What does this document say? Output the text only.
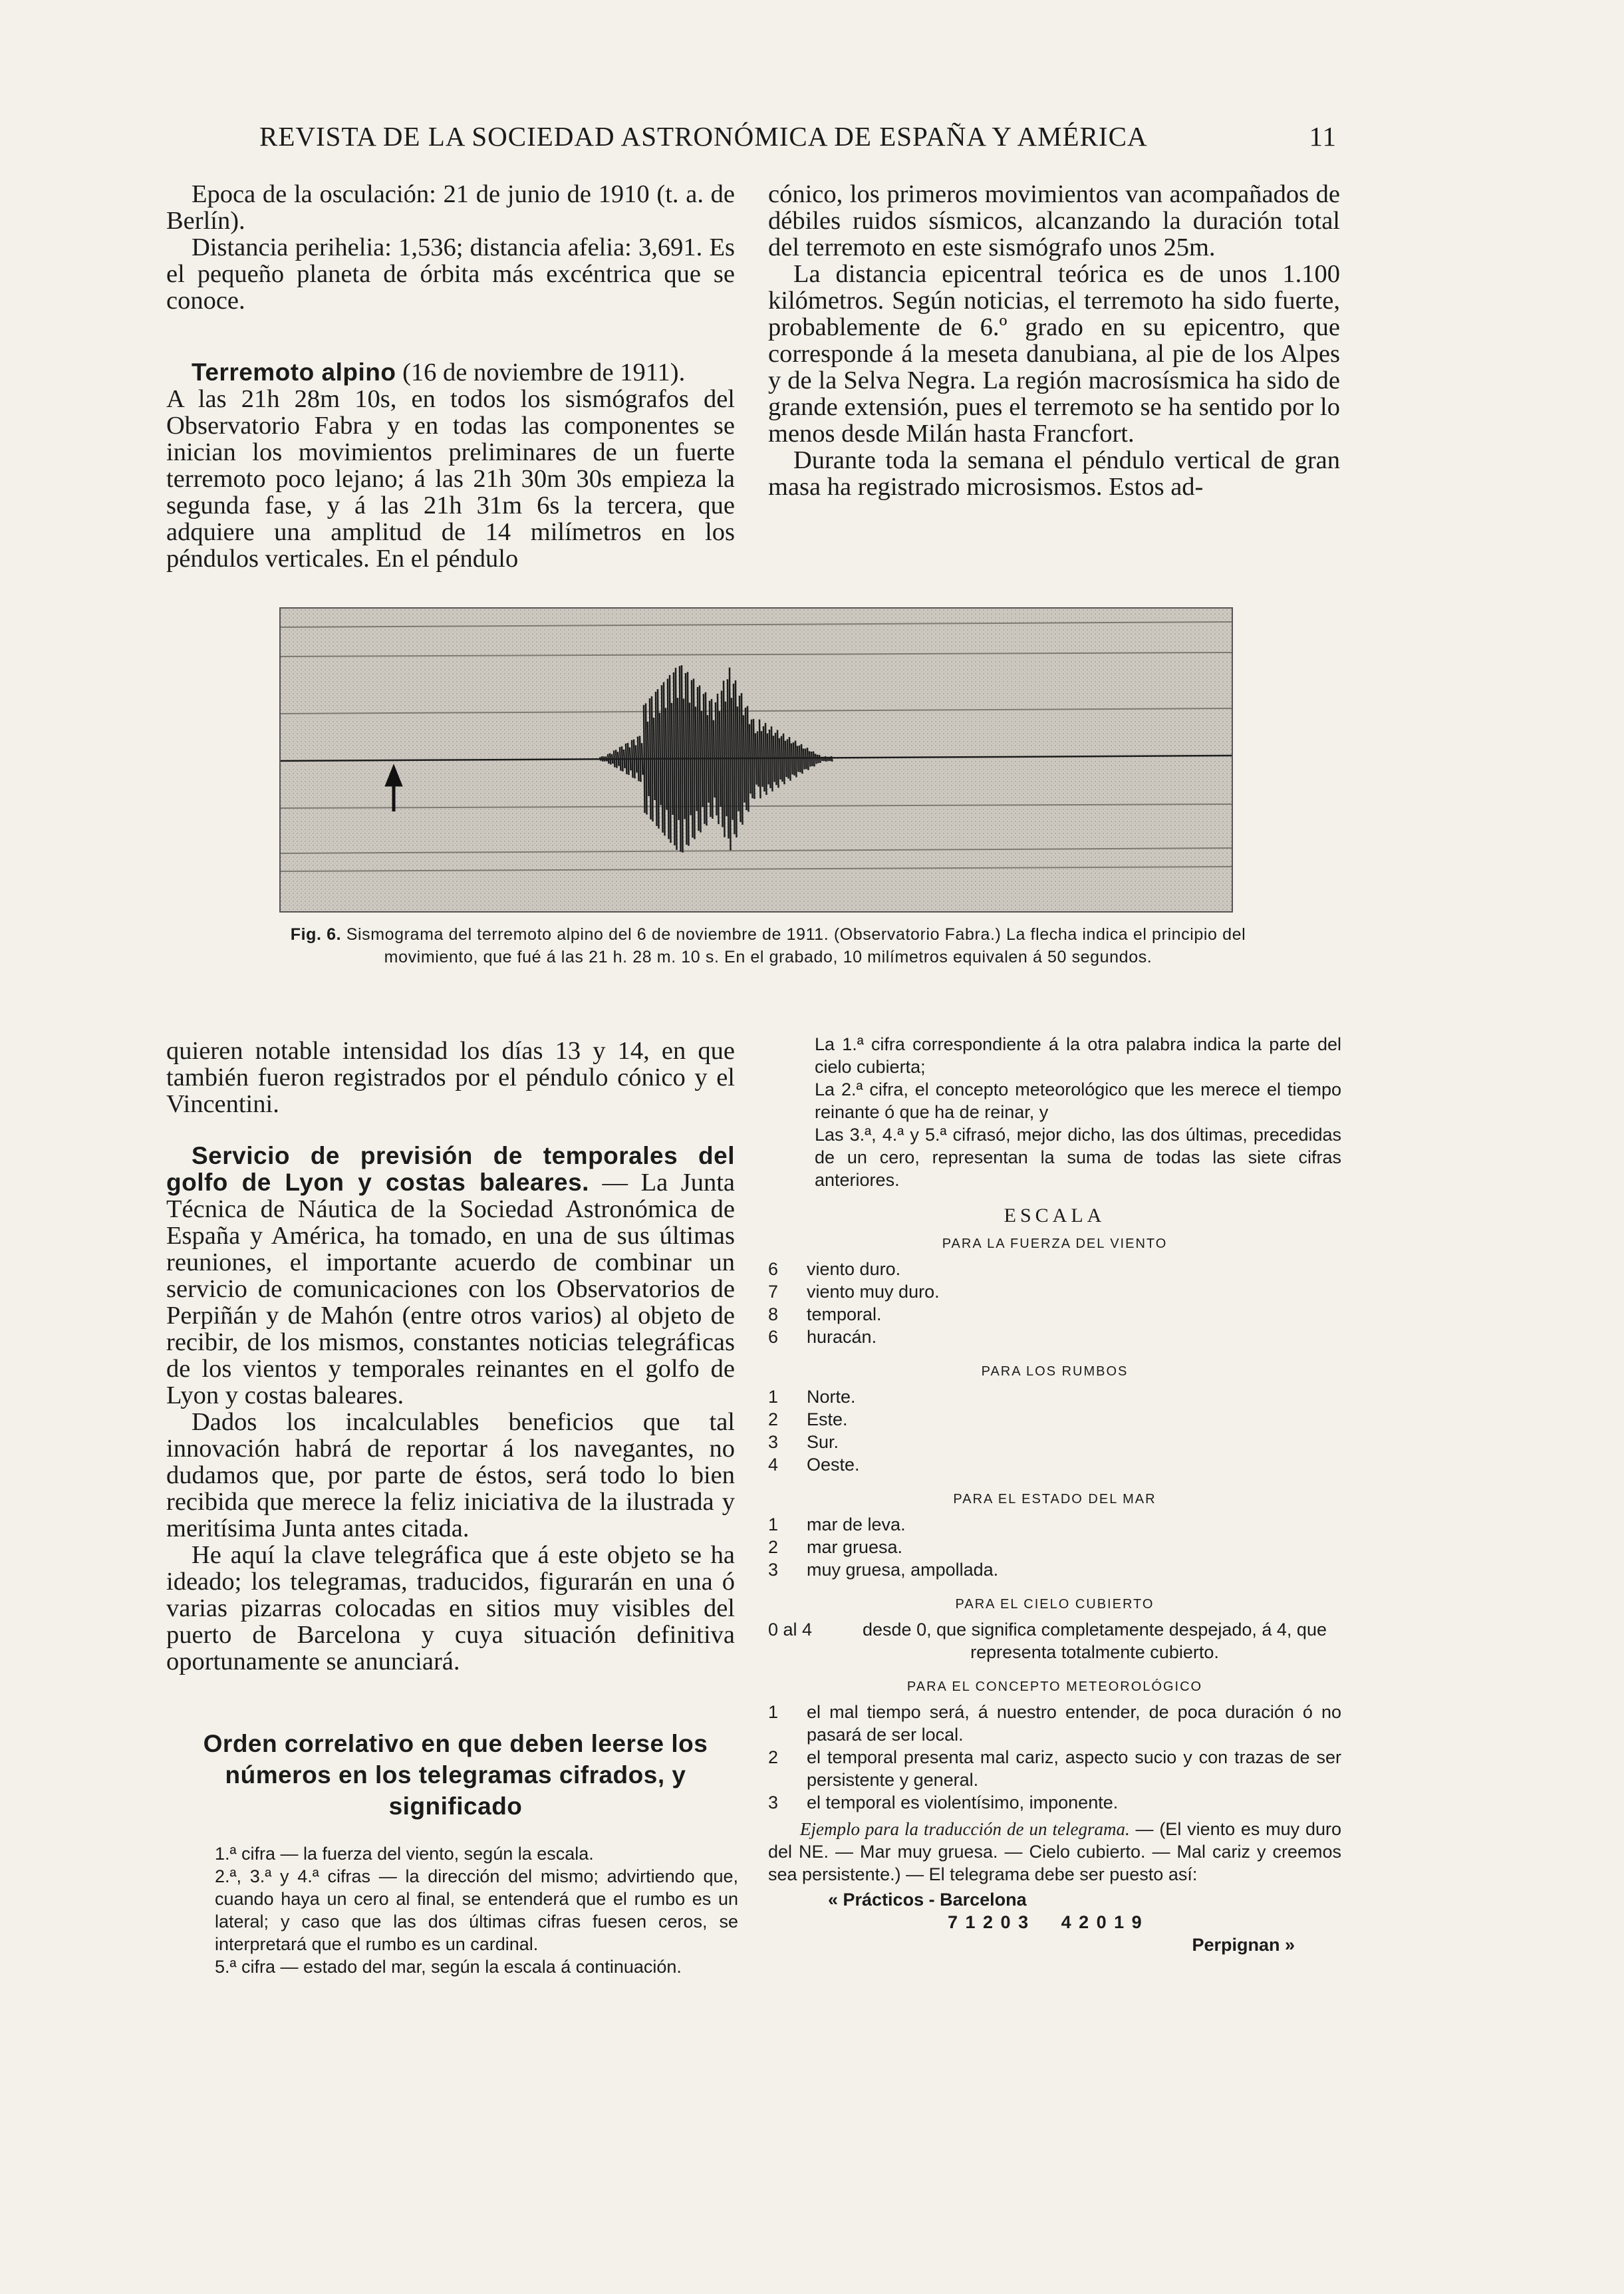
REVISTA DE LA SOCIEDAD ASTRONÓMICA DE ESPAÑA Y AMÉRICA	11

Epoca de la osculación: 21 de junio de 1910 (t. a. de Berlín).

Distancia perihelia: 1,536; distancia afelia: 3,691. Es el pequeño planeta de órbita más excéntrica que se conoce.

Terremoto alpino (16 de noviembre de 1911).

A las 21h 28m 10s, en todos los sismógrafos del Observatorio Fabra y en todas las componentes se inician los movimientos preliminares de un fuerte terremoto poco lejano; á las 21h 30m 30s empieza la segunda fase, y á las 21h 31m 6s la tercera, que adquiere una amplitud de 14 milímetros en los péndulos verticales. En el péndulo

cónico, los primeros movimientos van acompañados de débiles ruidos sísmicos, alcanzando la duración total del terremoto en este sismógrafo unos 25m.

La distancia epicentral teórica es de unos 1.100 kilómetros. Según noticias, el terremoto ha sido fuerte, probablemente de 6.º grado en su epicentro, que corresponde á la meseta danubiana, al pie de los Alpes y de la Selva Negra. La región macrosísmica ha sido de grande extensión, pues el terremoto se ha sentido por lo menos desde Milán hasta Francfort.

Durante toda la semana el péndulo vertical de gran masa ha registrado microsismos. Estos ad-

Fig. 6. Sismograma del terremoto alpino del 6 de noviembre de 1911. (Observatorio Fabra.) La flecha indica el principio del movimiento, que fué á las 21 h. 28 m. 10 s. En el grabado, 10 milímetros equivalen á 50 segundos.

quieren notable intensidad los días 13 y 14, en que también fueron registrados por el péndulo cónico y el Vincentini.

Servicio de previsión de temporales del golfo de Lyon y costas baleares. — La Junta Técnica de Náutica de la Sociedad Astronómica de España y América, ha tomado, en una de sus últimas reuniones, el importante acuerdo de combinar un servicio de comunicaciones con los Observatorios de Perpiñán y de Mahón (entre otros varios) al objeto de recibir, de los mismos, constantes noticias telegráficas de los vientos y temporales reinantes en el golfo de Lyon y costas baleares.

Dados los incalculables beneficios que tal innovación habrá de reportar á los navegantes, no dudamos que, por parte de éstos, será todo lo bien recibida que merece la feliz iniciativa de la ilustrada y meritísima Junta antes citada.

He aquí la clave telegráfica que á este objeto se ha ideado; los telegramas, traducidos, figurarán en una ó varias pizarras colocadas en sitios muy visibles del puerto de Barcelona y cuya situación definitiva oportunamente se anunciará.

Orden correlativo en que deben leerse los números en los telegramas cifrados, y significado

1.ª cifra — la fuerza del viento, según la escala.

2.ª, 3.ª y 4.ª cifras — la dirección del mismo; advirtiendo que, cuando haya un cero al final, se entenderá que el rumbo es un lateral; y caso que las dos últimas cifras fuesen ceros, se interpretará que el rumbo es un cardinal.

5.ª cifra — estado del mar, según la escala á continuación.

La 1.ª cifra correspondiente á la otra palabra indica la parte del cielo cubierta;

La 2.ª cifra, el concepto meteorológico que les merece el tiempo reinante ó que ha de reinar, y

Las 3.ª, 4.ª y 5.ª cifrasó, mejor dicho, las dos últimas, precedidas de un cero, representan la suma de todas las siete cifras anteriores.

ESCALA
PARA LA FUERZA DEL VIENTO
6	viento duro.
7	viento muy duro.
8	temporal.
6	huracán.
PARA LOS RUMBOS
1	Norte.
2	Este.
3	Sur.
4	Oeste.
PARA EL ESTADO DEL MAR
1	mar de leva.
2	mar gruesa.
3	muy gruesa, ampollada.
PARA EL CIELO CUBIERTO
0 al 4	desde 0, que significa completamente despejado, á 4, que representa totalmente cubierto.
PARA EL CONCEPTO METEOROLÓGICO
1	el mal tiempo será, á nuestro entender, de poca duración ó no pasará de ser local.
2	el temporal presenta mal cariz, aspecto sucio y con trazas de ser persistente y general.
3	el temporal es violentísimo, imponente.

Ejemplo para la traducción de un telegrama. — (El viento es muy duro del NE. — Mar muy gruesa. — Cielo cubierto. — Mal cariz y creemos sea persistente.) — El telegrama debe ser puesto así:

« Prácticos - Barcelona
7 1 2 0 3     4 2 0 1 9
Perpignan »
